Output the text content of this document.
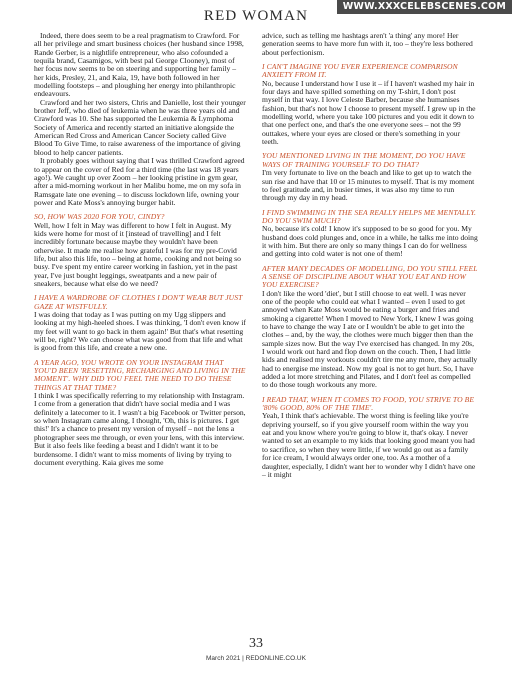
WWW.XXXCELEBSCENES.COM
RED WOMAN

Indeed, there does seem to be a real pragmatism to Crawford. For all her privilege and smart business choices (her husband since 1998, Rande Gerber, is a nightlife entrepreneur, who also cofounded a tequila brand, Casamigos, with best pal George Clooney), most of her focus now seems to be on steering and supporting her family – her kids, Presley, 21, and Kaia, 19, have both followed in her modelling footsteps – and ploughing her energy into philanthropic endeavours.

Crawford and her two sisters, Chris and Danielle, lost their younger brother Jeff, who died of leukemia when he was three years old and Crawford was 10. She has supported the Leukemia & Lymphoma Society of America and recently started an initiative alongside the American Red Cross and American Cancer Society called Give Blood To Give Time, to raise awareness of the importance of giving blood to help cancer patients.

It probably goes without saying that I was thrilled Crawford agreed to appear on the cover of Red for a third time (the last was 18 years ago!). We caught up over Zoom – her looking pristine in gym gear, after a mid-morning workout in her Malibu home, me on my sofa in Ramsgate late one evening – to discuss lockdown life, owning your power and Kate Moss's annoying burger habit.

SO, HOW WAS 2020 FOR YOU, CINDY?

Well, how I felt in May was different to how I felt in August. My kids were home for most of it [instead of travelling] and I felt incredibly fortunate because maybe they wouldn't have been otherwise. It made me realise how grateful I was for my pre-Covid life, but also this life, too – being at home, cooking and not being so busy. I've spent my entire career working in fashion, yet in the past year, I've just bought leggings, sweatpants and a new pair of sneakers, because what else do we need?

I HAVE A WARDROBE OF CLOTHES I DON'T WEAR BUT JUST GAZE AT WISTFULLY.

I was doing that today as I was putting on my Ugg slippers and looking at my high-heeled shoes. I was thinking, 'I don't even know if my feet will want to go back in them again!' But that's what resetting will be, right? We can choose what was good from that life and what is good from this life, and create a new one.

A YEAR AGO, YOU WROTE ON YOUR INSTAGRAM THAT YOU'D BEEN 'RESETTING, RECHARGING AND LIVING IN THE MOMENT'. WHY DID YOU FEEL THE NEED TO DO THESE THINGS AT THAT TIME?

I think I was specifically referring to my relationship with Instagram. I come from a generation that didn't have social media and I was definitely a latecomer to it. I wasn't a big Facebook or Twitter person, so when Instagram came along, I thought, 'Oh, this is pictures. I get this!' It's a chance to present my version of myself – not the lens a photographer sees me through, or even your lens, with this interview. But it also feels like feeding a beast and I didn't want it to be burdensome. I didn't want to miss moments of living by trying to document everything. Kaia gives me some

advice, such as telling me hashtags aren't 'a thing' any more! Her generation seems to have more fun with it, too – they're less bothered about perfectionism.

I CAN'T IMAGINE YOU EVER EXPERIENCE COMPARISON ANXIETY FROM IT.

No, because I understand how I use it – if I haven't washed my hair in four days and have spilled something on my T-shirt, I don't post myself in that way. I love Celeste Barber, because she humanises fashion, but that's not how I choose to present myself. I grew up in the modelling world, where you take 100 pictures and you edit it down to that one perfect one, and that's the one everyone sees – not the 99 outtakes, where your eyes are closed or there's something in your teeth.

YOU MENTIONED LIVING IN THE MOMENT, DO YOU HAVE WAYS OF TRAINING YOURSELF TO DO THAT?

I'm very fortunate to live on the beach and like to get up to watch the sun rise and have that 10 or 15 minutes to myself. That is my moment to feel gratitude and, in busier times, it was also my time to run through my day in my head.

I FIND SWIMMING IN THE SEA REALLY HELPS ME MENTALLY. DO YOU SWIM MUCH?

No, because it's cold! I know it's supposed to be so good for you. My husband does cold plunges and, once in a while, he talks me into doing it with him. But there are only so many things I can do for wellness and getting into cold water is not one of them!

AFTER MANY DECADES OF MODELLING, DO YOU STILL FEEL A SENSE OF DISCIPLINE ABOUT WHAT YOU EAT AND HOW YOU EXERCISE?

I don't like the word 'diet', but I still choose to eat well. I was never one of the people who could eat what I wanted – even I used to get annoyed when Kate Moss would be eating a burger and fries and smoking a cigarette! When I moved to New York, I knew I was going to have to change the way I ate or I wouldn't be able to get into the clothes – and, by the way, the clothes were much bigger then than the sample sizes now. But the way I've exercised has changed. In my 20s, I would work out hard and flop down on the couch. Then, I had little kids and realised my workouts couldn't tire me any more, they actually had to energise me instead. Now my goal is not to get hurt. So, I have added a lot more stretching and Pilates, and I don't feel as compelled to do those tough workouts any more.

I READ THAT, WHEN IT COMES TO FOOD, YOU STRIVE TO BE '80% GOOD, 80% OF THE TIME'.

Yeah, I think that's achievable. The worst thing is feeling like you're depriving yourself, so if you give yourself room within the way you eat and you know where you're going to blow it, that's okay. I never wanted to set an example to my kids that looking good meant you had to sacrifice, so when they were little, if we would go out as a family for ice cream, I would always order one, too. As a mother of a daughter, especially, I didn't want her to wonder why I didn't have one – it might

33
March 2021 | REDONLINE.CO.UK
